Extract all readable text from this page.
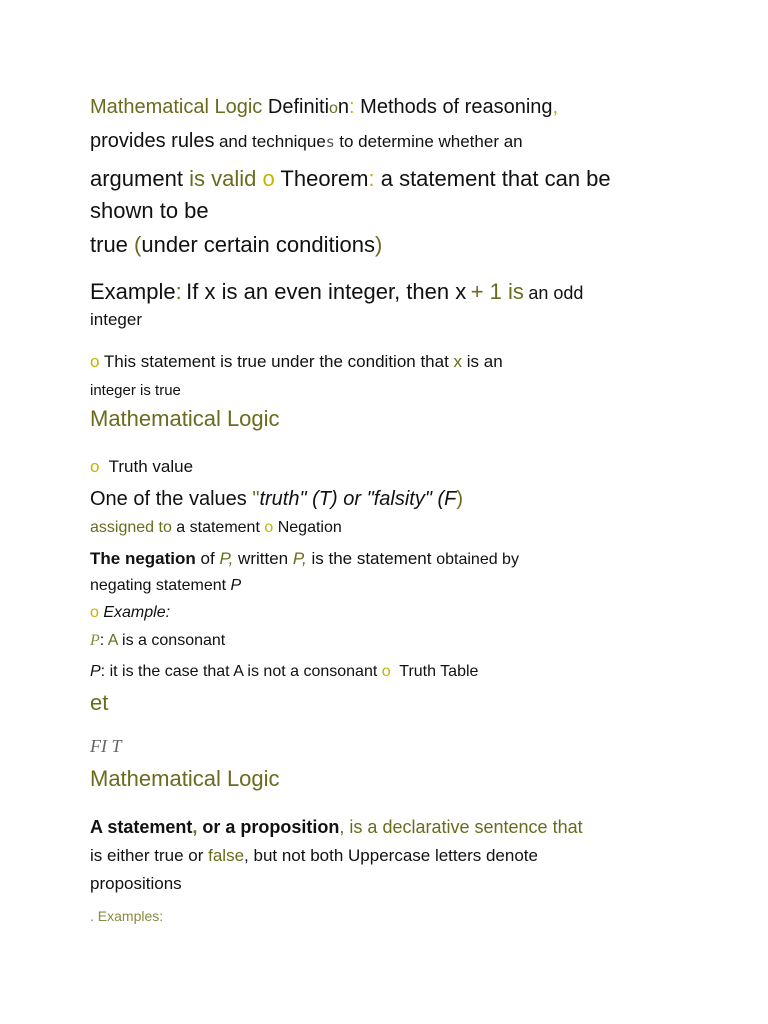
Mathematical Logic Definition: Methods of reasoning,
provides rules and techniques to determine whether an
argument is valid o Theorem: a statement that can be
shown to be
true (under certain conditions)
Example: If x is an even integer, then x + 1 is an odd
integer
o This statement is true under the condition that x is an
integer is true
Mathematical Logic
o Truth value
One of the values "truth" (T) or "falsity" (F)
assigned to a statement o Negation
The negation of P, written P, is the statement obtained by
negating statement P
o Example:
P: A is a consonant
P: it is the case that A is not a consonant o Truth Table
et
FI T
Mathematical Logic
A statement, or a proposition, is a declarative sentence that
is either true or false, but not both Uppercase letters denote
propositions
. Examples:
